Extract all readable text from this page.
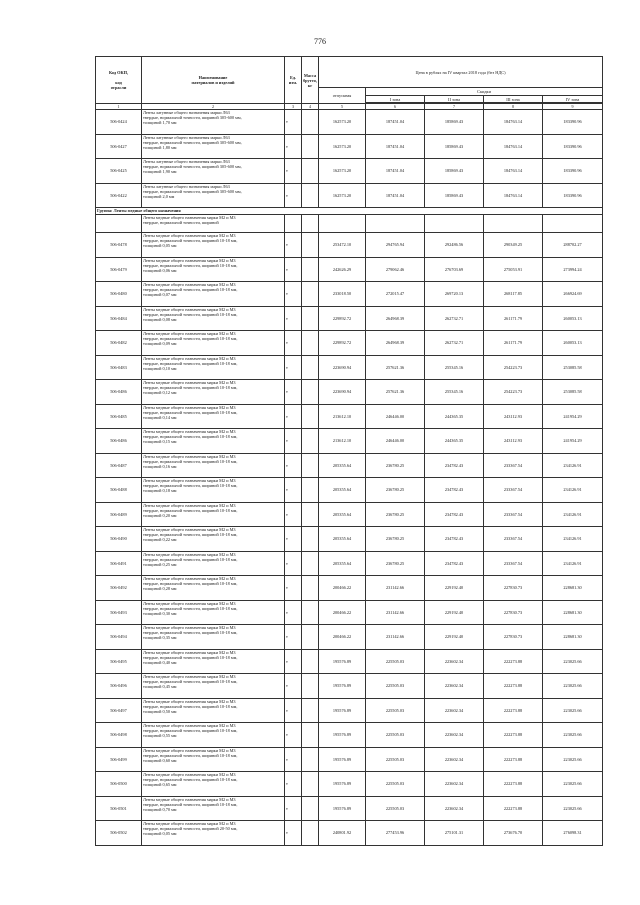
776
Код ОКП,

код
отрасли	Наименование
материалов и изделий	Ед.
изм.	Масса
брутто,
кг	Цена в рублях на IV квартал 2018 года (без НДС)				
				отпускная	Скидки			
					I зона	II зона	III зона	IV зона

1	2	3	4	5	6	7	8	9
506-0424	Ленты латунные общего назначения марки Л63
твердые, нормальной точности, шириной 305-600 мм,
толщиной 1,70 мм	т		162573.20	187451.04	185869.43	184763.14	183390.96
506-0427	Ленты латунные общего назначения марки Л63
твердые, нормальной точности, шириной 305-600 мм,
толщиной 1,80 мм	т		162573.20	187451.04	185869.43	184763.14	183390.96
506-0425	Ленты латунные общего назначения марки Л63
твердые, нормальной точности, шириной 305-600 мм,
толщиной 1,90 мм	т		162573.20	187451.04	185869.43	184763.14	183390.96
506-0422	Ленты латунные общего назначения марки Л63
твердые, нормальной точности, шириной 305-600 мм,
толщиной 2,0 мм	т		162573.20	187451.04	185869.43	184763.14	183390.96
Группа: Ленты медные общего назначения								

	Ленты медные общего назначения марки М2 и М3
твердые, нормальной точности, шириной							

506-0478	Ленты медные общего назначения марки М2 и М3
твердые, нормальной точности, шириной 10-18 мм,
толщиной 0,05 мм	т		253472.10	294765.94	292486.56	290349.25	288702.27
506-0479	Ленты медные общего назначения марки М2 и М3
твердые, нормальной точности, шириной 10-18 мм,
толщиной 0,06 мм	т		242626.29	279062.46	276703.69	275053.91	273994.24
506-0480	Ленты медные общего назначения марки М2 и М3
твердые, нормальной точности, шириной 10-18 мм,
толщиной 0,07 мм	т		233018.50	272015.47	269720.13	268117.85	266924.69
506-0484	Ленты медные общего назначения марки М2 и М3
твердые, нормальной точности, шириной 10-18 мм,
толщиной 0,08 мм	т		229892.72	264968.39	262732.71	261171.79	260053.13
506-0482	Ленты медные общего назначения марки М2 и М3
твердые, нормальной точности, шириной 10-18 мм,
толщиной 0,09 мм	т		229892.72	264968.39	262732.71	261171.79	260053.13
506-0483	Ленты медные общего назначения марки М2 и М3
твердые, нормальной точности, шириной 10-18 мм,
толщиной 0,10 мм	т		223690.94	257621.36	255345.16	254223.73	253085.58
506-0486	Ленты медные общего назначения марки М2 и М3
твердые, нормальной точности, шириной 10-18 мм,
толщиной 0,12 мм	т		223690.94	257621.36	255345.16	254223.73	253085.58
506-0485	Ленты медные общего назначения марки М2 и М3
твердые, нормальной точности, шириной 10-18 мм,
толщиной 0,14 мм	т		213612.10	246446.00	244365.35	243112.93	241954.29
506-0486	Ленты медные общего назначения марки М2 и М3
твердые, нормальной точности, шириной 10-18 мм,
толщиной 0,15 мм	т		213612.10	246446.00	244365.35	243112.93	241954.29
506-0487	Ленты медные общего назначения марки М2 и М3
твердые, нормальной точности, шириной 10-18 мм,
толщиной 0,16 мм	т		205355.64	236780.25	234782.43	233367.54	234126.91
506-0488	Ленты медные общего назначения марки М2 и М3
твердые, нормальной точности, шириной 10-18 мм,
толщиной 0,18 мм	т		205355.64	236780.25	234782.43	233367.54	234126.91
506-0489	Ленты медные общего назначения марки М2 и М3
твердые, нормальной точности, шириной 10-18 мм,
толщиной 0,20 мм	т		205355.64	236780.25	234782.43	233367.54	234126.91
506-0490	Ленты медные общего назначения марки М2 и М3
твердые, нормальной точности, шириной 10-18 мм,
толщиной 0,22 мм	т		205355.64	236780.25	234782.43	233367.54	234126.91
506-0491	Ленты медные общего назначения марки М2 и М3
твердые, нормальной точности, шириной 10-18 мм,
толщиной 0,25 мм	т		205355.64	236780.25	234782.43	233367.54	234126.91
506-0492	Ленты медные общего назначения марки М2 и М3
твердые, нормальной точности, шириной 10-18 мм,
толщиной 0,28 мм	т		200466.22	231142.66	229192.40	227830.73	228681.30
506-0493	Ленты медные общего назначения марки М2 и М3
твердые, нормальной точности, шириной 10-18 мм,
толщиной 0,30 мм	т		200466.22	231142.66	229192.40	227830.73	228681.30
506-0494	Ленты медные общего назначения марки М2 и М3
твердые, нормальной точности, шириной 10-18 мм,
толщиной 0,35 мм	т		200466.22	231142.66	229192.40	227830.73	228681.30
506-0495	Ленты медные общего назначения марки М2 и М3
твердые, нормальной точности, шириной 10-18 мм,
толщиной 0,40 мм	т		195576.89	225505.03	223602.34	222273.88	223025.66
506-0496	Ленты медные общего назначения марки М2 и М3
твердые, нормальной точности, шириной 10-18 мм,
толщиной 0,45 мм	т		195576.89	225505.03	223602.34	222273.88	223025.66
506-0497	Ленты медные общего назначения марки М2 и М3
твердые, нормальной точности, шириной 10-18 мм,
толщиной 0,50 мм	т		195576.89	225505.03	223602.34	222273.88	223025.66
506-0498	Ленты медные общего назначения марки М2 и М3
твердые, нормальной точности, шириной 10-18 мм,
толщиной 0,55 мм	т		195576.89	225505.03	223602.34	222273.88	223025.66
506-0499	Ленты медные общего назначения марки М2 и М3
твердые, нормальной точности, шириной 10-18 мм,
толщиной 0,60 мм	т		195576.89	225505.03	223602.34	222273.88	223025.66
506-0500	Ленты медные общего назначения марки М2 и М3
твердые, нормальной точности, шириной 10-18 мм,
толщиной 0,65 мм	т		195576.89	225505.03	223602.34	222273.88	223025.66
506-0501	Ленты медные общего назначения марки М2 и М3
твердые, нормальной точности, шириной 10-18 мм,
толщиной 0,70 мм	т		195576.89	225505.03	223602.34	222273.88	223025.66
506-0502	Ленты медные общего назначения марки М2 и М3
твердые, нормальной точности, шириной 20-50 мм,
толщиной 0,05 мм	т		240801.92	277453.96	275101.31	273676.70	276098.31
